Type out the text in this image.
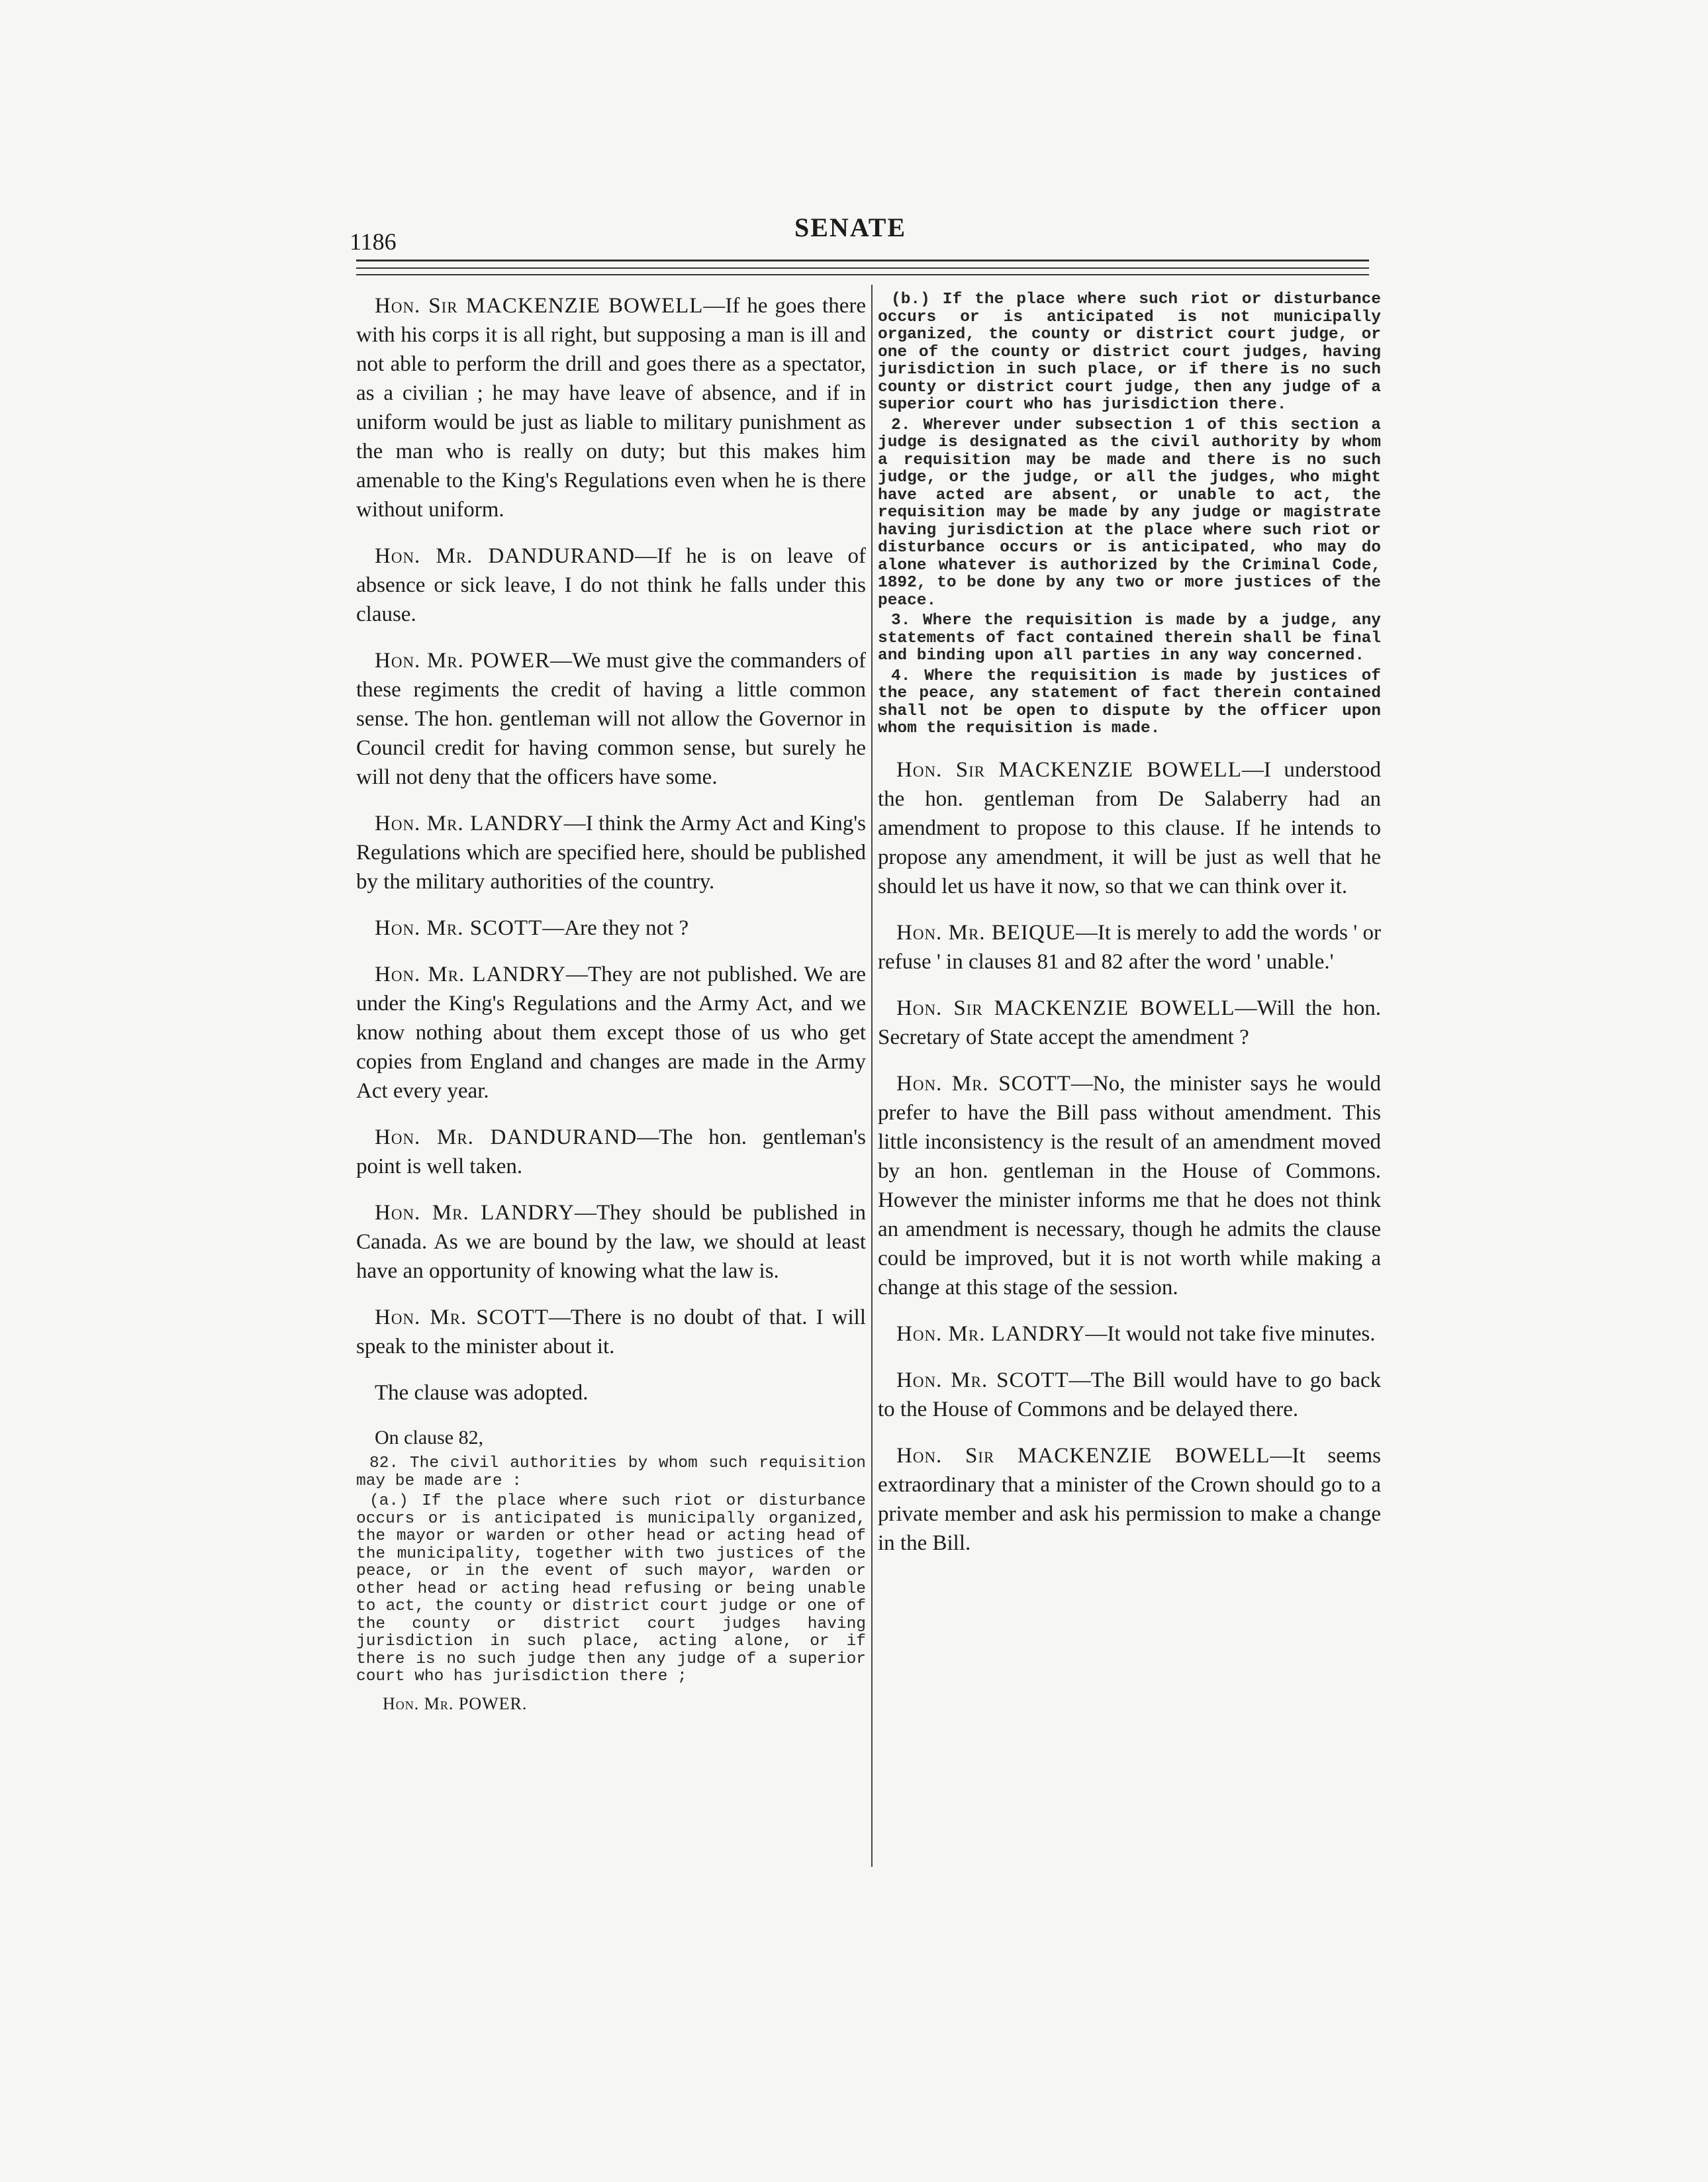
1186	SENATE

Hon. Sir MACKENZIE BOWELL—If he goes there with his corps it is all right, but supposing a man is ill and not able to perform the drill and goes there as a spectator, as a civilian ; he may have leave of absence, and if in uniform would be just as liable to military punishment as the man who is really on duty; but this makes him amenable to the King's Regulations even when he is there without uniform.

Hon. Mr. DANDURAND—If he is on leave of absence or sick leave, I do not think he falls under this clause.

Hon. Mr. POWER—We must give the commanders of these regiments the credit of having a little common sense. The hon. gentleman will not allow the Governor in Council credit for having common sense, but surely he will not deny that the officers have some.

Hon. Mr. LANDRY—I think the Army Act and King's Regulations which are specified here, should be published by the military authorities of the country.

Hon. Mr. SCOTT—Are they not ?

Hon. Mr. LANDRY—They are not published. We are under the King's Regulations and the Army Act, and we know nothing about them except those of us who get copies from England and changes are made in the Army Act every year.

Hon. Mr. DANDURAND—The hon. gentleman's point is well taken.

Hon. Mr. LANDRY—They should be published in Canada. As we are bound by the law, we should at least have an opportunity of knowing what the law is.

Hon. Mr. SCOTT—There is no doubt of that. I will speak to the minister about it.

The clause was adopted.

On clause 82,

82. The civil authorities by whom such requisition may be made are :

(a.) If the place where such riot or disturbance occurs or is anticipated is municipally organized, the mayor or warden or other head or acting head of the municipality, together with two justices of the peace, or in the event of such mayor, warden or other head or acting head refusing or being unable to act, the county or district court judge or one of the county or district court judges having jurisdiction in such place, acting alone, or if there is no such judge then any judge of a superior court who has jurisdiction there ;

Hon. Mr. POWER.

(b.) If the place where such riot or disturbance occurs or is anticipated is not municipally organized, the county or district court judge, or one of the county or district court judges, having jurisdiction in such place, or if there is no such county or district court judge, then any judge of a superior court who has jurisdiction there.

2. Wherever under subsection 1 of this section a judge is designated as the civil authority by whom a requisition may be made and there is no such judge, or the judge, or all the judges, who might have acted are absent, or unable to act, the requisition may be made by any judge or magistrate having jurisdiction at the place where such riot or disturbance occurs or is anticipated, who may do alone whatever is authorized by the Criminal Code, 1892, to be done by any two or more justices of the peace.

3. Where the requisition is made by a judge, any statements of fact contained therein shall be final and binding upon all parties in any way concerned.

4. Where the requisition is made by justices of the peace, any statement of fact therein contained shall not be open to dispute by the officer upon whom the requisition is made.

Hon. Sir MACKENZIE BOWELL—I understood the hon. gentleman from De Salaberry had an amendment to propose to this clause. If he intends to propose any amendment, it will be just as well that he should let us have it now, so that we can think over it.

Hon. Mr. BEIQUE—It is merely to add the words ' or refuse ' in clauses 81 and 82 after the word ' unable.'

Hon. Sir MACKENZIE BOWELL—Will the hon. Secretary of State accept the amendment ?

Hon. Mr. SCOTT—No, the minister says he would prefer to have the Bill pass without amendment. This little inconsistency is the result of an amendment moved by an hon. gentleman in the House of Commons. However the minister informs me that he does not think an amendment is necessary, though he admits the clause could be improved, but it is not worth while making a change at this stage of the session.

Hon. Mr. LANDRY—It would not take five minutes.

Hon. Mr. SCOTT—The Bill would have to go back to the House of Commons and be delayed there.

Hon. Sir MACKENZIE BOWELL—It seems extraordinary that a minister of the Crown should go to a private member and ask his permission to make a change in the Bill.
